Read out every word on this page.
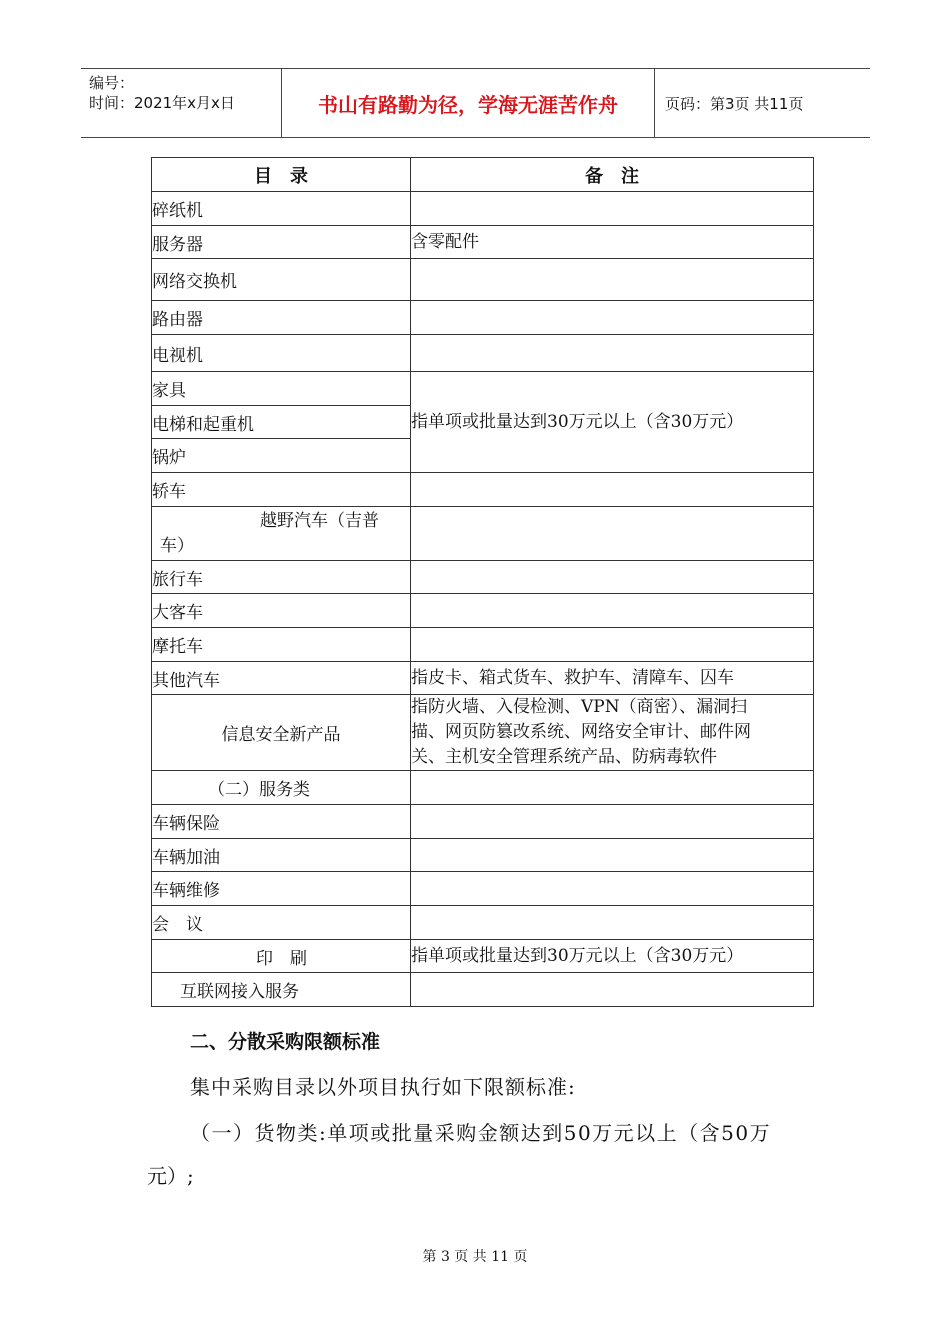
编号：
时间：2021年x月x日	书山有路勤为径，学海无涯苦作舟	页码：第3页 共11页
目　录	备　注
碎纸机	
服务器	含零配件
网络交换机	
路由器	
电视机	
家具	指单项或批量达到30万元以上（含30万元）
电梯和起重机	
锅炉	
轿车	

越野汽车（吉普
车）	

旅行车	
大客车	
摩托车	
其他汽车	指皮卡、箱式货车、救护车、清障车、囚车
信息安全新产品	指防火墙、入侵检测、VPN（商密）、漏洞扫
描、网页防篡改系统、网络安全审计、邮件网
关、主机安全管理系统产品、防病毒软件

（二）服务类	
车辆保险	
车辆加油	
车辆维修	
会　议	
印　刷	指单项或批量达到30万元以上（含30万元）
互联网接入服务	
二、分散采购限额标准
集中采购目录以外项目执行如下限额标准:
（一）货物类:单项或批量采购金额达到50万元以上（含50万
元）;
第 3 页 共 11 页
